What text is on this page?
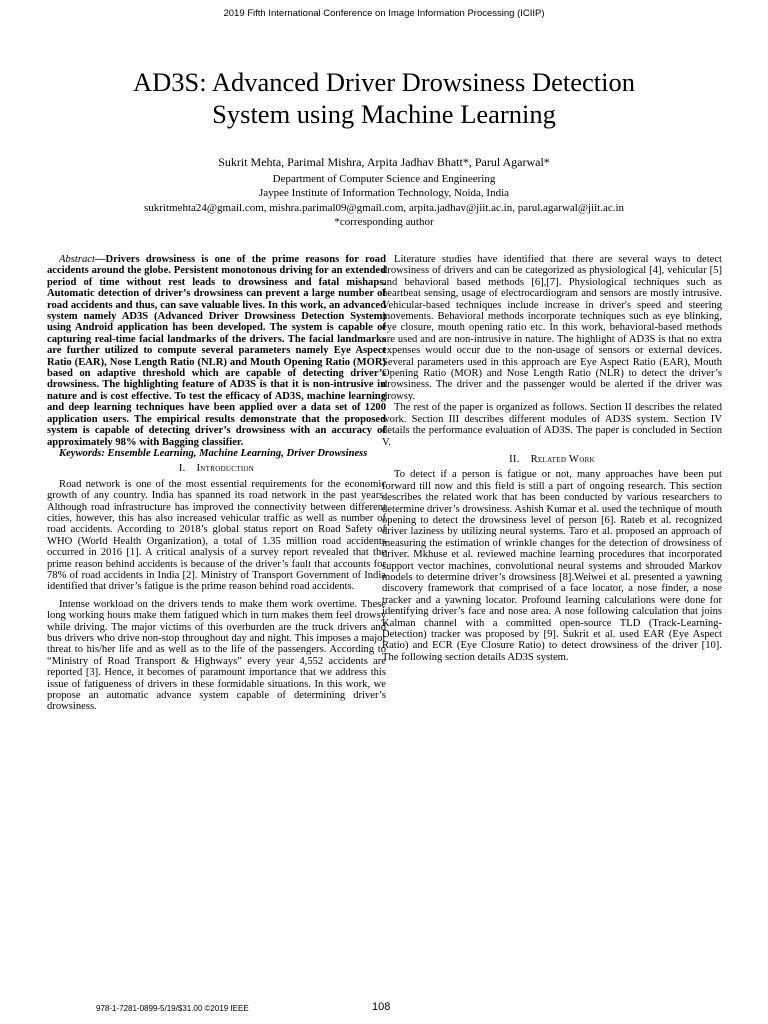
2019 Fifth International Conference on Image Information Processing (ICIIP)
AD3S: Advanced Driver Drowsiness Detection
System using Machine Learning
Sukrit Mehta, Parimal Mishra, Arpita Jadhav Bhatt*, Parul Agarwal*
Department of Computer Science and Engineering
Jaypee Institute of Information Technology, Noida, India
sukritmehta24@gmail.com, mishra.parimal09@gmail.com, arpita.jadhav@jiit.ac.in, parul.agarwal@jiit.ac.in
*corresponding author

Abstract—Drivers drowsiness is one of the prime reasons for road accidents around the globe. Persistent monotonous driving for an extended period of time without rest leads to drowsiness and fatal mishaps. Automatic detection of driver’s drowsiness can prevent a large number of road accidents and thus, can save valuable lives. In this work, an advanced system namely AD3S (Advanced Driver Drowsiness Detection System) using Android application has been developed. The system is capable of capturing real-time facial landmarks of the drivers. The facial landmarks are further utilized to compute several parameters namely Eye Aspect Ratio (EAR), Nose Length Ratio (NLR) and Mouth Opening Ratio (MOR) based on adaptive threshold which are capable of detecting driver’s drowsiness. The highlighting feature of AD3S is that it is non-intrusive in nature and is cost effective. To test the efficacy of AD3S, machine learning and deep learning techniques have been applied over a data set of 1200 application users. The empirical results demonstrate that the proposed system is capable of detecting driver’s drowsiness with an accuracy of approximately 98% with Bagging classifier.

Keywords: Ensemble Learning, Machine Learning, Driver Drowsiness

I. Introduction

Road network is one of the most essential requirements for the economic growth of any country. India has spanned its road network in the past years. Although road infrastructure has improved the connectivity between different cities, however, this has also increased vehicular traffic as well as number of road accidents. According to 2018’s global status report on Road Safety of WHO (World Health Organization), a total of 1.35 million road accidents occurred in 2016 [1]. A critical analysis of a survey report revealed that the prime reason behind accidents is because of the driver’s fault that accounts for 78% of road accidents in India [2]. Ministry of Transport Government of India identified that driver’s fatigue is the prime reason behind road accidents.

Intense workload on the drivers tends to make them work overtime. These long working hours make them fatigued which in turn makes them feel drowsy while driving. The major victims of this overburden are the truck drivers and bus drivers who drive non-stop throughout day and night. This imposes a major threat to his/her life and as well as to the life of the passengers. According to “Ministry of Road Transport & Highways” every year 4,552 accidents are reported [3]. Hence, it becomes of paramount importance that we address this issue of fatigueness of drivers in these formidable situations. In this work, we propose an automatic advance system capable of determining driver’s drowsiness.

Literature studies have identified that there are several ways to detect drowsiness of drivers and can be categorized as physiological [4], vehicular [5] and behavioral based methods [6],[7]. Physiological techniques such as heartbeat sensing, usage of electrocardiogram and sensors are mostly intrusive. Vehicular-based techniques include increase in driver's speed and steering movements. Behavioral methods incorporate techniques such as eye blinking, eye closure, mouth opening ratio etc. In this work, behavioral-based methods are used and are non-intrusive in nature. The highlight of AD3S is that no extra expenses would occur due to the non-usage of sensors or external devices. Several parameters used in this approach are Eye Aspect Ratio (EAR), Mouth Opening Ratio (MOR) and Nose Length Ratio (NLR) to detect the driver’s drowsiness. The driver and the passenger would be alerted if the driver was drowsy.

The rest of the paper is organized as follows. Section II describes the related work. Section III describes different modules of AD3S system. Section IV details the performance evaluation of AD3S. The paper is concluded in Section V.

II. Related Work

To detect if a person is fatigue or not, many approaches have been put forward till now and this field is still a part of ongoing research. This section describes the related work that has been conducted by various researchers to determine driver’s drowsiness. Ashish Kumar et al. used the technique of mouth opening to detect the drowsiness level of person [6]. Rateb et al. recognized driver laziness by utilizing neural systems. Taro et al. proposed an approach of measuring the estimation of wrinkle changes for the detection of drowsiness of driver. Mkhuse et al. reviewed machine learning procedures that incorporated support vector machines, convolutional neural systems and shrouded Markov models to determine driver’s drowsiness [8].Weiwei et al. presented a yawning discovery framework that comprised of a face locator, a nose finder, a nose tracker and a yawning locator. Profound learning calculations were done for identifying driver’s face and nose area. A nose following calculation that joins Kalman channel with a committed open-source TLD (Track-Learning-Detection) tracker was proposed by [9]. Sukrit et al. used EAR (Eye Aspect Ratio) and ECR (Eye Closure Ratio) to detect drowsiness of the driver [10]. The following section details AD3S system.

978-1-7281-0899-5/19/$31.00 ©2019 IEEE	108
